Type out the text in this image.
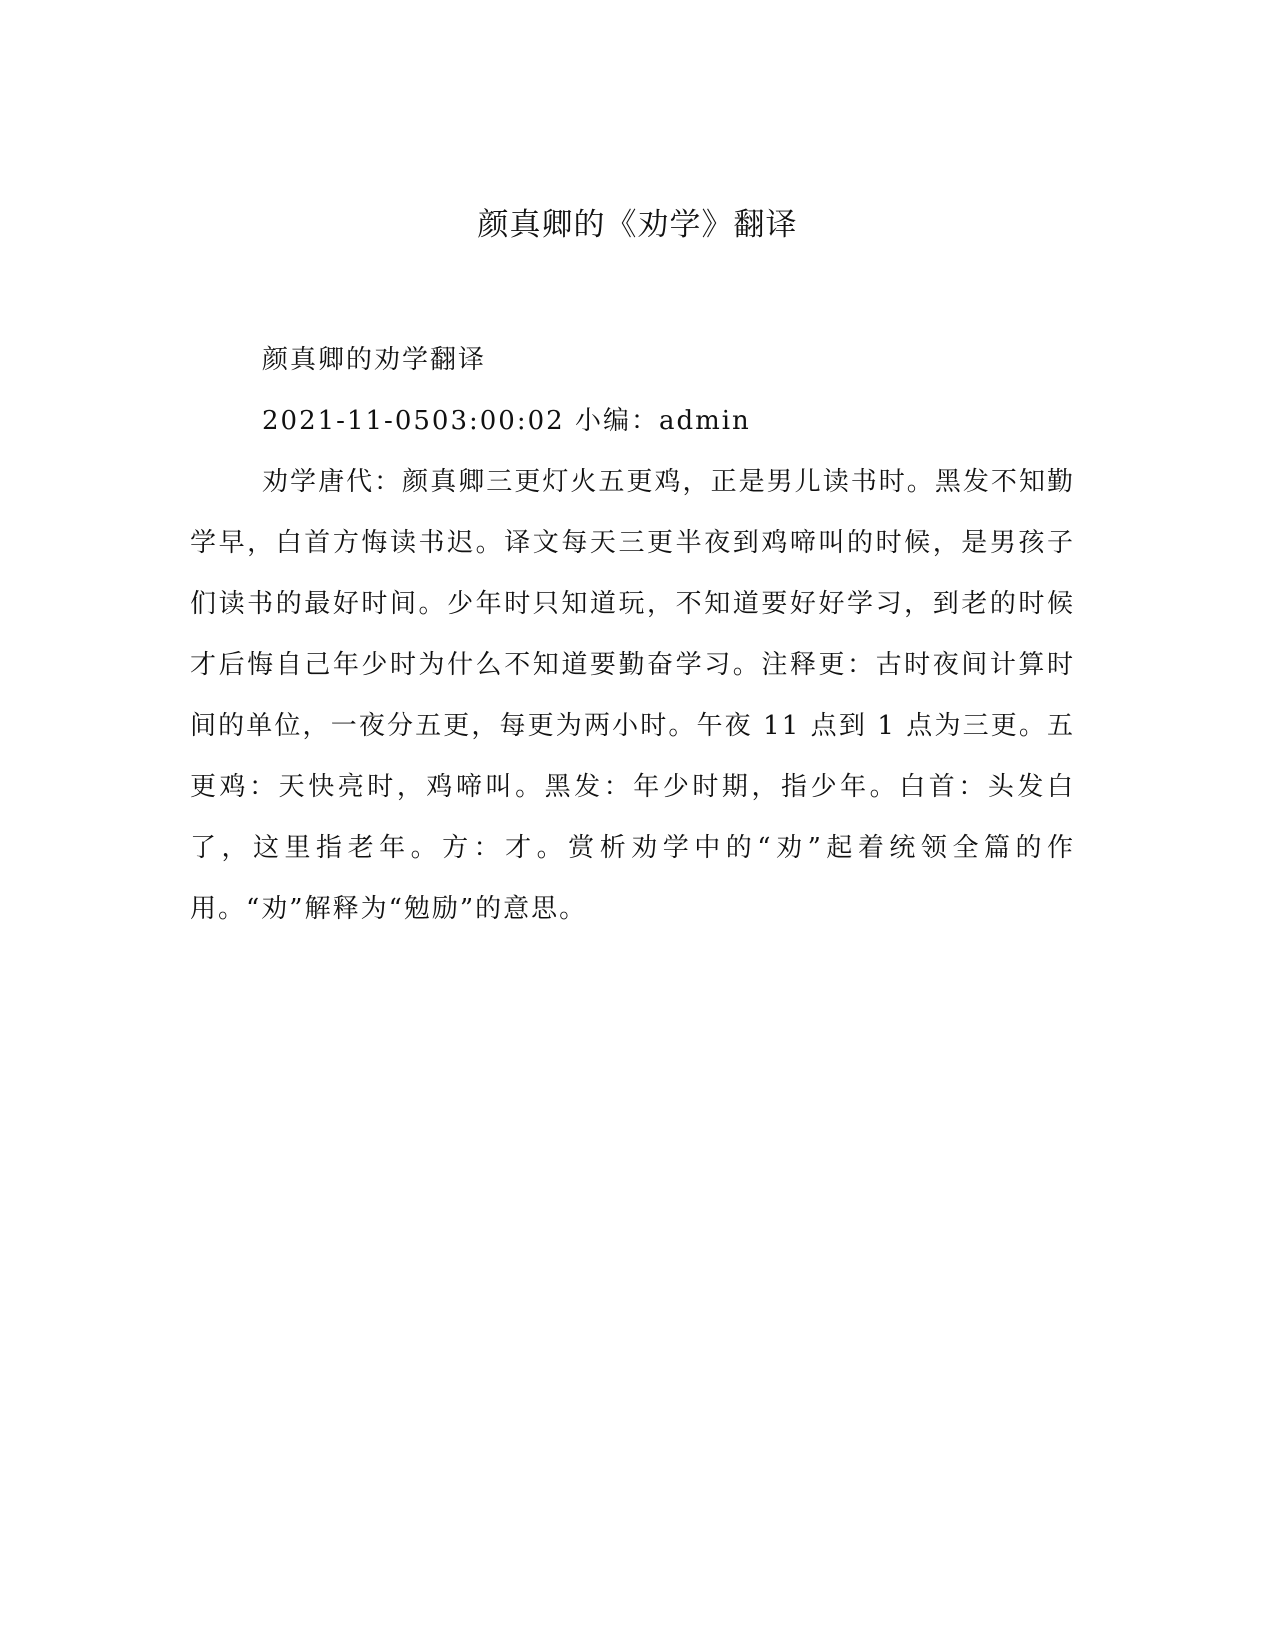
颜真卿的《劝学》翻译

颜真卿的劝学翻译

2021-11-0503:00:02 小编：admin

劝学唐代：颜真卿三更灯火五更鸡，正是男儿读书时。黑发不知勤学早，白首方悔读书迟。译文每天三更半夜到鸡啼叫的时候，是男孩子们读书的最好时间。少年时只知道玩，不知道要好好学习，到老的时候才后悔自己年少时为什么不知道要勤奋学习。注释更：古时夜间计算时间的单位，一夜分五更，每更为两小时。午夜 11 点到 1 点为三更。五更鸡：天快亮时，鸡啼叫。黑发：年少时期，指少年。白首：头发白了，这里指老年。方：才。赏析劝学中的“劝”起着统领全篇的作用。“劝”解释为“勉励”的意思。
